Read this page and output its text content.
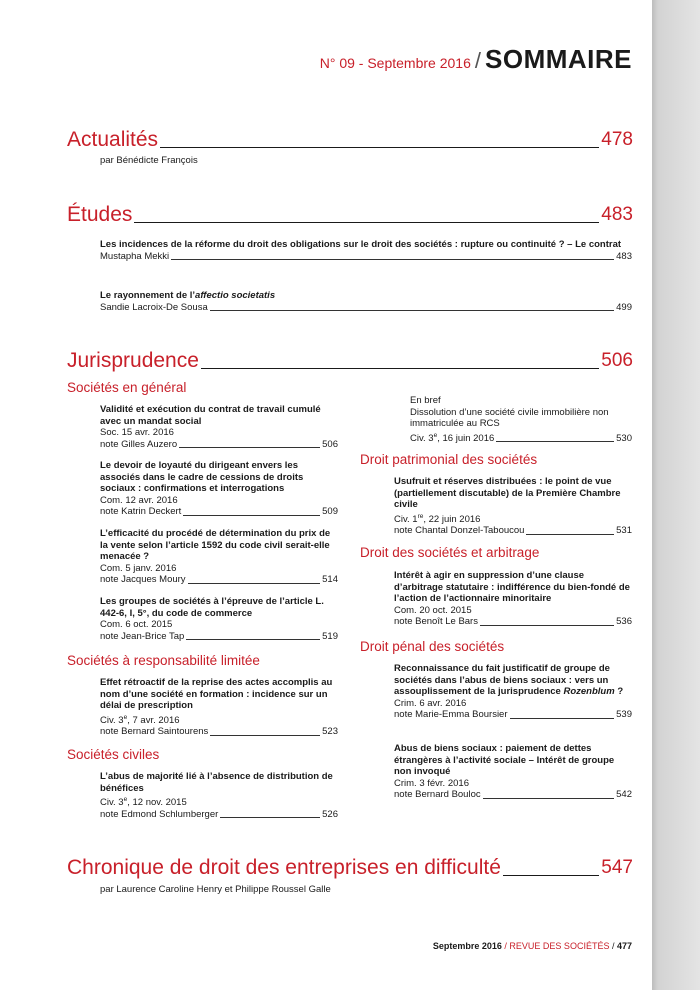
N° 09 - Septembre 2016 / SOMMAIRE
Actualités	478
par Bénédicte François
Études	483
Les incidences de la réforme du droit des obligations sur le droit des sociétés : rupture ou continuité ? – Le contrat
Mustapha Mekki	483
Le rayonnement de l’affectio societatis
Sandie Lacroix-De Sousa	499
Jurisprudence	506
Sociétés en général
Validité et exécution du contrat de travail cumulé avec un mandat social
Soc. 15 avr. 2016
note Gilles Auzero	506
Le devoir de loyauté du dirigeant envers les associés dans le cadre de cessions de droits sociaux : confirmations et interrogations
Com. 12 avr. 2016
note Katrin Deckert	509
L’efficacité du procédé de détermination du prix de la vente selon l’article 1592 du code civil serait-elle menacée ?
Com. 5 janv. 2016
note Jacques Moury	514
Les groupes de sociétés à l’épreuve de l’article L. 442-6, I, 5°, du code de commerce
Com. 6 oct. 2015
note Jean-Brice Tap	519
Sociétés à responsabilité limitée
Effet rétroactif de la reprise des actes accomplis au nom d’une société en formation : incidence sur un délai de prescription
Civ. 3e, 7 avr. 2016
note Bernard Saintourens	523
Sociétés civiles
L’abus de majorité lié à l’absence de distribution de bénéfices
Civ. 3e, 12 nov. 2015
note Edmond Schlumberger	526
En bref
Dissolution d’une société civile immobilière non immatriculée au RCS
Civ. 3e, 16 juin 2016	530
Droit patrimonial des sociétés
Usufruit et réserves distribuées : le point de vue (partiellement discutable) de la Première Chambre civile
Civ. 1re, 22 juin 2016
note Chantal Donzel-Taboucou	531
Droit des sociétés et arbitrage
Intérêt à agir en suppression d’une clause d’arbitrage statutaire : indifférence du bien-fondé de l’action de l’actionnaire minoritaire
Com. 20 oct. 2015
note Benoît Le Bars	536
Droit pénal des sociétés
Reconnaissance du fait justificatif de groupe de sociétés dans l’abus de biens sociaux : vers un assouplissement de la jurisprudence Rozenblum ?
Crim. 6 avr. 2016
note Marie-Emma Boursier	539
Abus de biens sociaux : paiement de dettes étrangères à l’activité sociale – Intérêt de groupe non invoqué
Crim. 3 févr. 2016
note Bernard Bouloc	542
Chronique de droit des entreprises en difficulté	547
par Laurence Caroline Henry et Philippe Roussel Galle
Septembre 2016 / REVUE DES SOCIÉTÉS / 477
